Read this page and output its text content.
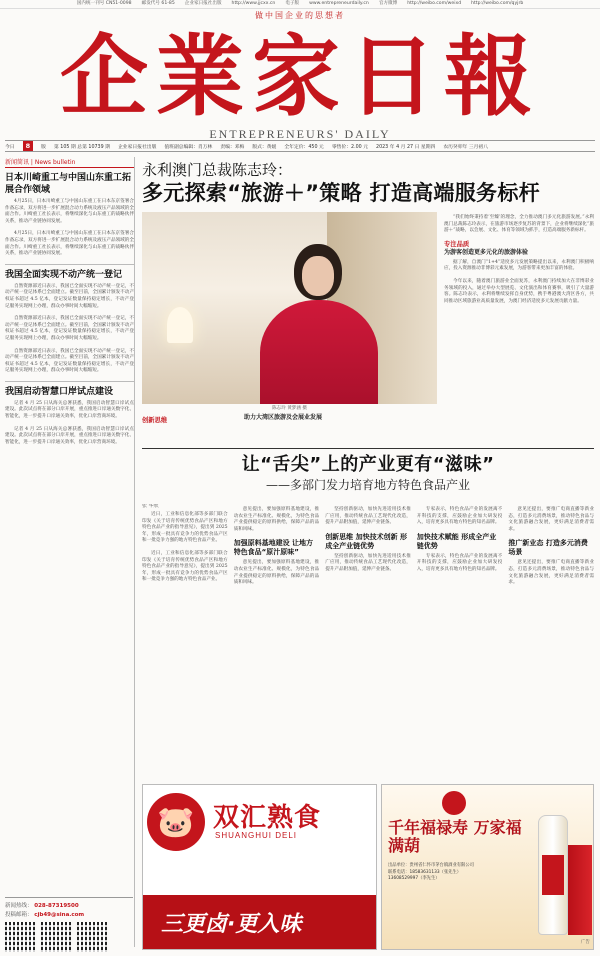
国内统一刊号 CN51-0098 邮发代号 61-85 企业家日报社出版 http://www.jjcxx.cn 电子版 www.entrepreneurdaily.cn 官方微博 http://weibo.com/weixd http://weibo.com/qyjrb
做中国企业的思想者
企業家日報
ENTREPRENEURS' DAILY
今日	8	版 第 105 期 总第 10739 期 企业家日报社出版 值班副总编辑：肖万林 责编：邓梅 版式：黄媛 全年定价：450 元 零售价：2.00 元 2023 年 4 月 27 日 星期四 农历癸卯年 三月初八
新闻简讯 | News bulletin
日本川崎重工与中国山东重工拓展合作领域
4月25日，日本川崎重工与中国山东重工在日本东京签署合作备忘录，双方将进一步扩展混合动力系统及液压产品领域的全面合作。川崎重工社长表示，将继续深化与山东重工的战略伙伴关系，推动产业链协同发展。
4月25日，日本川崎重工与中国山东重工在日本东京签署合作备忘录，双方将进一步扩展混合动力系统及液压产品领域的全面合作。川崎重工社长表示，将继续深化与山东重工的战略伙伴关系，推动产业链协同发展。
我国全面实现不动产统一登记
自然资源部近日表示，我国已全面实现不动产统一登记，不动产统一登记体系已全面建立。截至目前，全国累计颁发不动产权证书超过 4.5 亿本，登记发证数量保持稳定增长，不动产登记服务实现网上办理，群众办事时间大幅缩短。
自然资源部近日表示，我国已全面实现不动产统一登记，不动产统一登记体系已全面建立。截至目前，全国累计颁发不动产权证书超过 4.5 亿本，登记发证数量保持稳定增长，不动产登记服务实现网上办理，群众办事时间大幅缩短。
自然资源部近日表示，我国已全面实现不动产统一登记，不动产统一登记体系已全面建立。截至目前，全国累计颁发不动产权证书超过 4.5 亿本，登记发证数量保持稳定增长，不动产登记服务实现网上办理，群众办事时间大幅缩短。
我国启动智慧口岸试点建设
记者 4 月 25 日从海关总署获悉，我国启动智慧口岸试点建设。此次试点将在部分口岸开展，重点推进口岸通关数字化、智能化，进一步提升口岸通关效率，优化口岸营商环境。
记者 4 月 25 日从海关总署获悉，我国启动智慧口岸试点建设。此次试点将在部分口岸开展，重点推进口岸通关数字化、智能化，进一步提升口岸通关效率，优化口岸营商环境。
新闻热线： 028-87319500
投稿邮箱： cjb49@sina.com
永利澳门总裁陈志玲：
多元探索“旅游＋”策略 打造高端服务标杆
陈志玲 黄梦涵 摄
“我们始终秉持着‘至臻’的理念，全力推动澳门多元化旅游发展。”永利澳门总裁陈志玲表示，在旅游市场逐步复苏的背景下，企业将继续深化“旅游＋”战略，以会展、文化、体育等领域为抓手，打造高端服务新标杆。
专注品质
为游客创造更多元化的旅游体验
据了解，自澳门“1+4”适度多元发展策略提出以来，永利澳门积极响应，投入资源推动非博彩元素发展，为游客带来更加丰富的体验。
今年以来，随着澳门旅游业全面复苏，永利澳门持续加大在非博彩业务领域的投入，通过举办大型展览、文化演出和体育赛事，吸引了大量游客。陈志玲表示，永利将继续发挥自身优势，携手粤港澳大湾区各方，共同推动区域旅游业高质量发展，为澳门经济适度多元发展贡献力量。
创新思维	助力大湾区旅游及会展业发展
让“舌尖”上的产业更有“滋味”
——多部门发力培育地方特色食品产业
张 华欣
近日，工业和信息化部等多部门联合印发《关于培育传统优势食品产区和地方特色食品产业的指导意见》，提出到 2025 年，形成一批具有竞争力的优势食品产区和一批竞争力强的地方特色食品产业。
近日，工业和信息化部等多部门联合印发《关于培育传统优势食品产区和地方特色食品产业的指导意见》，提出到 2025 年，形成一批具有竞争力的优势食品产区和一批竞争力强的地方特色食品产业。
意见提出，要加强原料基地建设，推动农业生产标准化、规模化，为特色食品产业提供稳定的原料供给，保障产品的品质和风味。
加强原料基地建设 让地方特色食品“原汁原味”
意见提出，要加强原料基地建设，推动农业生产标准化、规模化，为特色食品产业提供稳定的原料供给，保障产品的品质和风味。
坚持创新驱动，加快先进适用技术推广应用，推动传统食品工艺现代化改造，提升产品附加值，延伸产业链条。
创新思维 加快技术创新 形成全产业链优势
坚持创新驱动，加快先进适用技术推广应用，推动传统食品工艺现代化改造，提升产品附加值，延伸产业链条。
专家表示，特色食品产业的发展离不开科技的支撑，应鼓励企业加大研发投入，培育更多具有地方特色的知名品牌。
加快技术赋能 形成全产业链优势
专家表示，特色食品产业的发展离不开科技的支撑，应鼓励企业加大研发投入，培育更多具有地方特色的知名品牌。
意见还提出，要推广电商直播等新业态，打造多元消费场景，推动特色食品与文化旅游融合发展，更好满足消费者需求。
推广新业态 打造多元消费场景
意见还提出，要推广电商直播等新业态，打造多元消费场景，推动特色食品与文化旅游融合发展，更好满足消费者需求。
🐷 双汇熟食
SHUANGHUI DELI
三更卤·更入味
千年福禄寿 万家福满葫
出品单位：贵州省仁怀市茅台镇酒业有限公司
联系电话：18583631133（张先生）
13608529997（李先生）
广告
